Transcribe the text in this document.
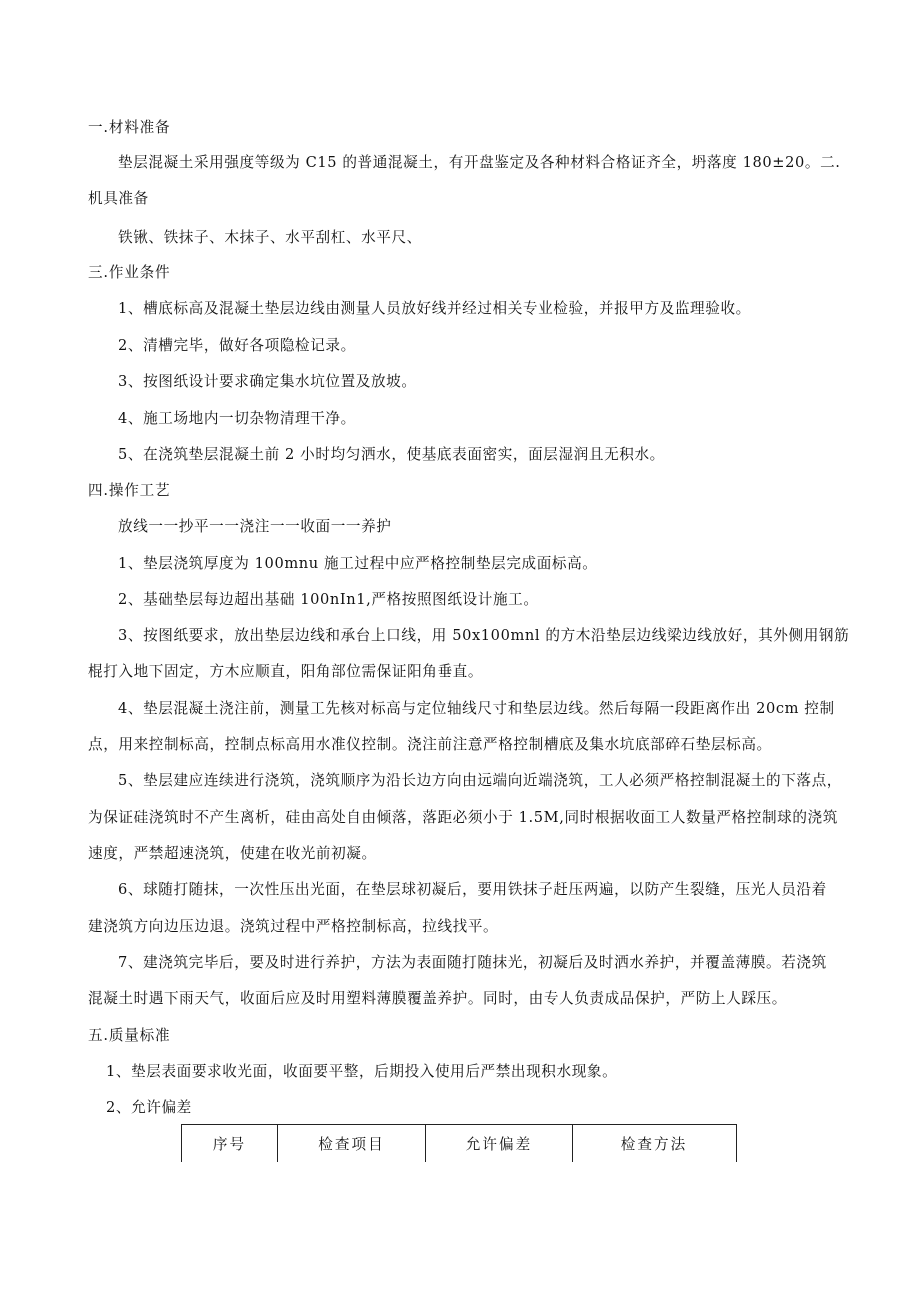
一.材料准备
垫层混凝土采用强度等级为 C15 的普通混凝土，有开盘鉴定及各种材料合格证齐全，坍落度 180±20。二.
机具准备
铁锹、铁抹子、木抹子、水平刮杠、水平尺、
三.作业条件
1、槽底标高及混凝土垫层边线由测量人员放好线并经过相关专业检验，并报甲方及监理验收。
2、清槽完毕，做好各项隐检记录。
3、按图纸设计要求确定集水坑位置及放坡。
4、施工场地内一切杂物清理干净。
5、在浇筑垫层混凝土前 2 小时均匀洒水，使基底表面密实，面层湿润且无积水。
四.操作工艺
放线一一抄平一一浇注一一收面一一养护
1、垫层浇筑厚度为 100mnu 施工过程中应严格控制垫层完成面标高。
2、基础垫层每边超出基础 100nIn1,严格按照图纸设计施工。
3、按图纸要求，放出垫层边线和承台上口线，用 50x100mnl 的方木沿垫层边线梁边线放好，其外侧用钢筋
棍打入地下固定，方木应顺直，阳角部位需保证阳角垂直。
4、垫层混凝土浇注前，测量工先核对标高与定位轴线尺寸和垫层边线。然后每隔一段距离作出 20cm 控制
点，用来控制标高，控制点标高用水准仪控制。浇注前注意严格控制槽底及集水坑底部碎石垫层标高。
5、垫层建应连续进行浇筑，浇筑顺序为沿长边方向由远端向近端浇筑，工人必须严格控制混凝土的下落点，
为保证硅浇筑时不产生离析，硅由高处自由倾落，落距必须小于 1.5M,同时根据收面工人数量严格控制球的浇筑
速度，严禁超速浇筑，使建在收光前初凝。
6、球随打随抹，一次性压出光面，在垫层球初凝后，要用铁抹子赶压两遍，以防产生裂缝，压光人员沿着
建浇筑方向边压边退。浇筑过程中严格控制标高，拉线找平。
7、建浇筑完毕后，要及时进行养护，方法为表面随打随抹光，初凝后及时洒水养护，并覆盖薄膜。若浇筑
混凝土时遇下雨天气，收面后应及时用塑料薄膜覆盖养护。同时，由专人负责成品保护，严防上人踩压。
五.质量标准
1、垫层表面要求收光面，收面要平整，后期投入使用后严禁出现积水现象。
2、允许偏差
序号	检查项目	允许偏差	检查方法
